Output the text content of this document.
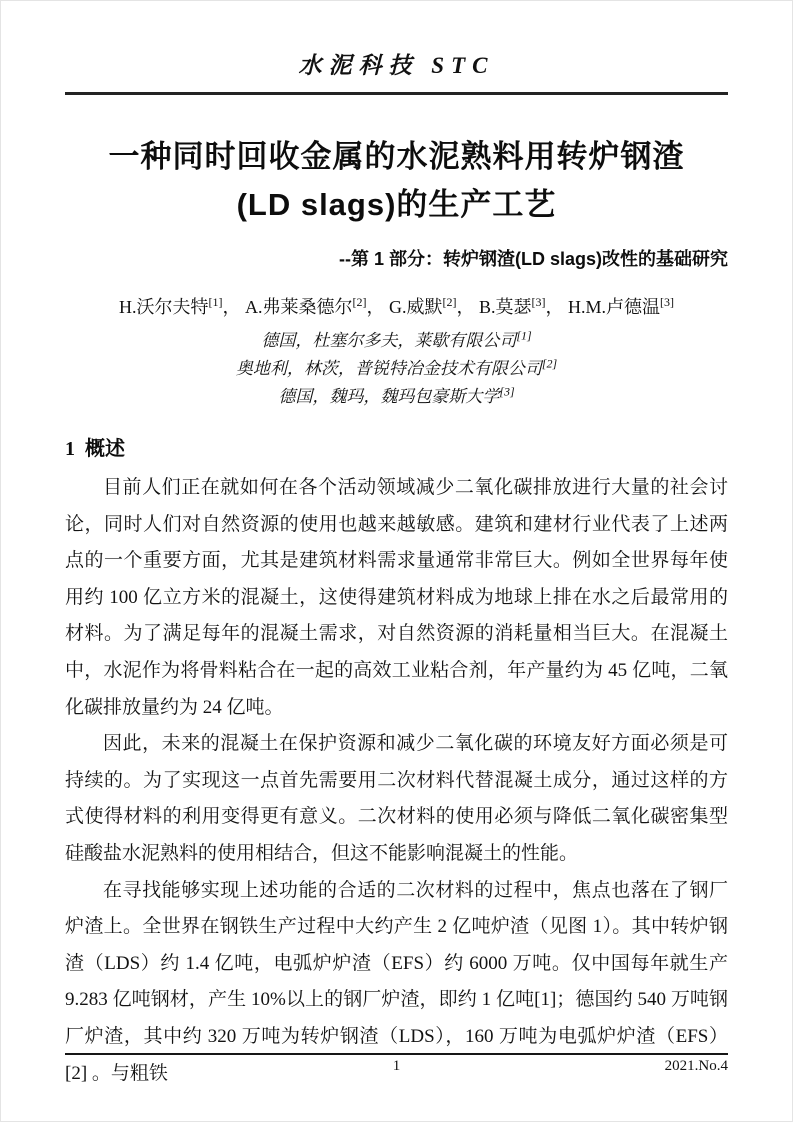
水泥科技 STC
一种同时回收金属的水泥熟料用转炉钢渣
(LD slags)的生产工艺
--第 1 部分：转炉钢渣(LD slags)改性的基础研究
H.沃尔夫特[1]， A.弗莱桑德尔[2]， G.威默[2]， B.莫瑟[3]， H.M.卢德温[3]
德国，杜塞尔多夫，莱歇有限公司[1]
奥地利，林茨，普锐特冶金技术有限公司[2]
德国，魏玛，魏玛包豪斯大学[3]
1 概述

目前人们正在就如何在各个活动领域减少二氧化碳排放进行大量的社会讨论，同时人们对自然资源的使用也越来越敏感。建筑和建材行业代表了上述两点的一个重要方面，尤其是建筑材料需求量通常非常巨大。例如全世界每年使用约 100 亿立方米的混凝土，这使得建筑材料成为地球上排在水之后最常用的材料。为了满足每年的混凝土需求，对自然资源的消耗量相当巨大。在混凝土中，水泥作为将骨料粘合在一起的高效工业粘合剂，年产量约为 45 亿吨，二氧化碳排放量约为 24 亿吨。

因此，未来的混凝土在保护资源和减少二氧化碳的环境友好方面必须是可持续的。为了实现这一点首先需要用二次材料代替混凝土成分，通过这样的方式使得材料的利用变得更有意义。二次材料的使用必须与降低二氧化碳密集型硅酸盐水泥熟料的使用相结合，但这不能影响混凝土的性能。

在寻找能够实现上述功能的合适的二次材料的过程中，焦点也落在了钢厂炉渣上。全世界在钢铁生产过程中大约产生 2 亿吨炉渣（见图 1）。其中转炉钢渣（LDS）约 1.4 亿吨，电弧炉炉渣（EFS）约 6000 万吨。仅中国每年就生产 9.283 亿吨钢材，产生 10%以上的钢厂炉渣，即约 1 亿吨[1]；德国约 540 万吨钢厂炉渣，其中约 320 万吨为转炉钢渣（LDS），160 万吨为电弧炉炉渣（EFS）[2] 。与粗铁	1	2021.No.4
